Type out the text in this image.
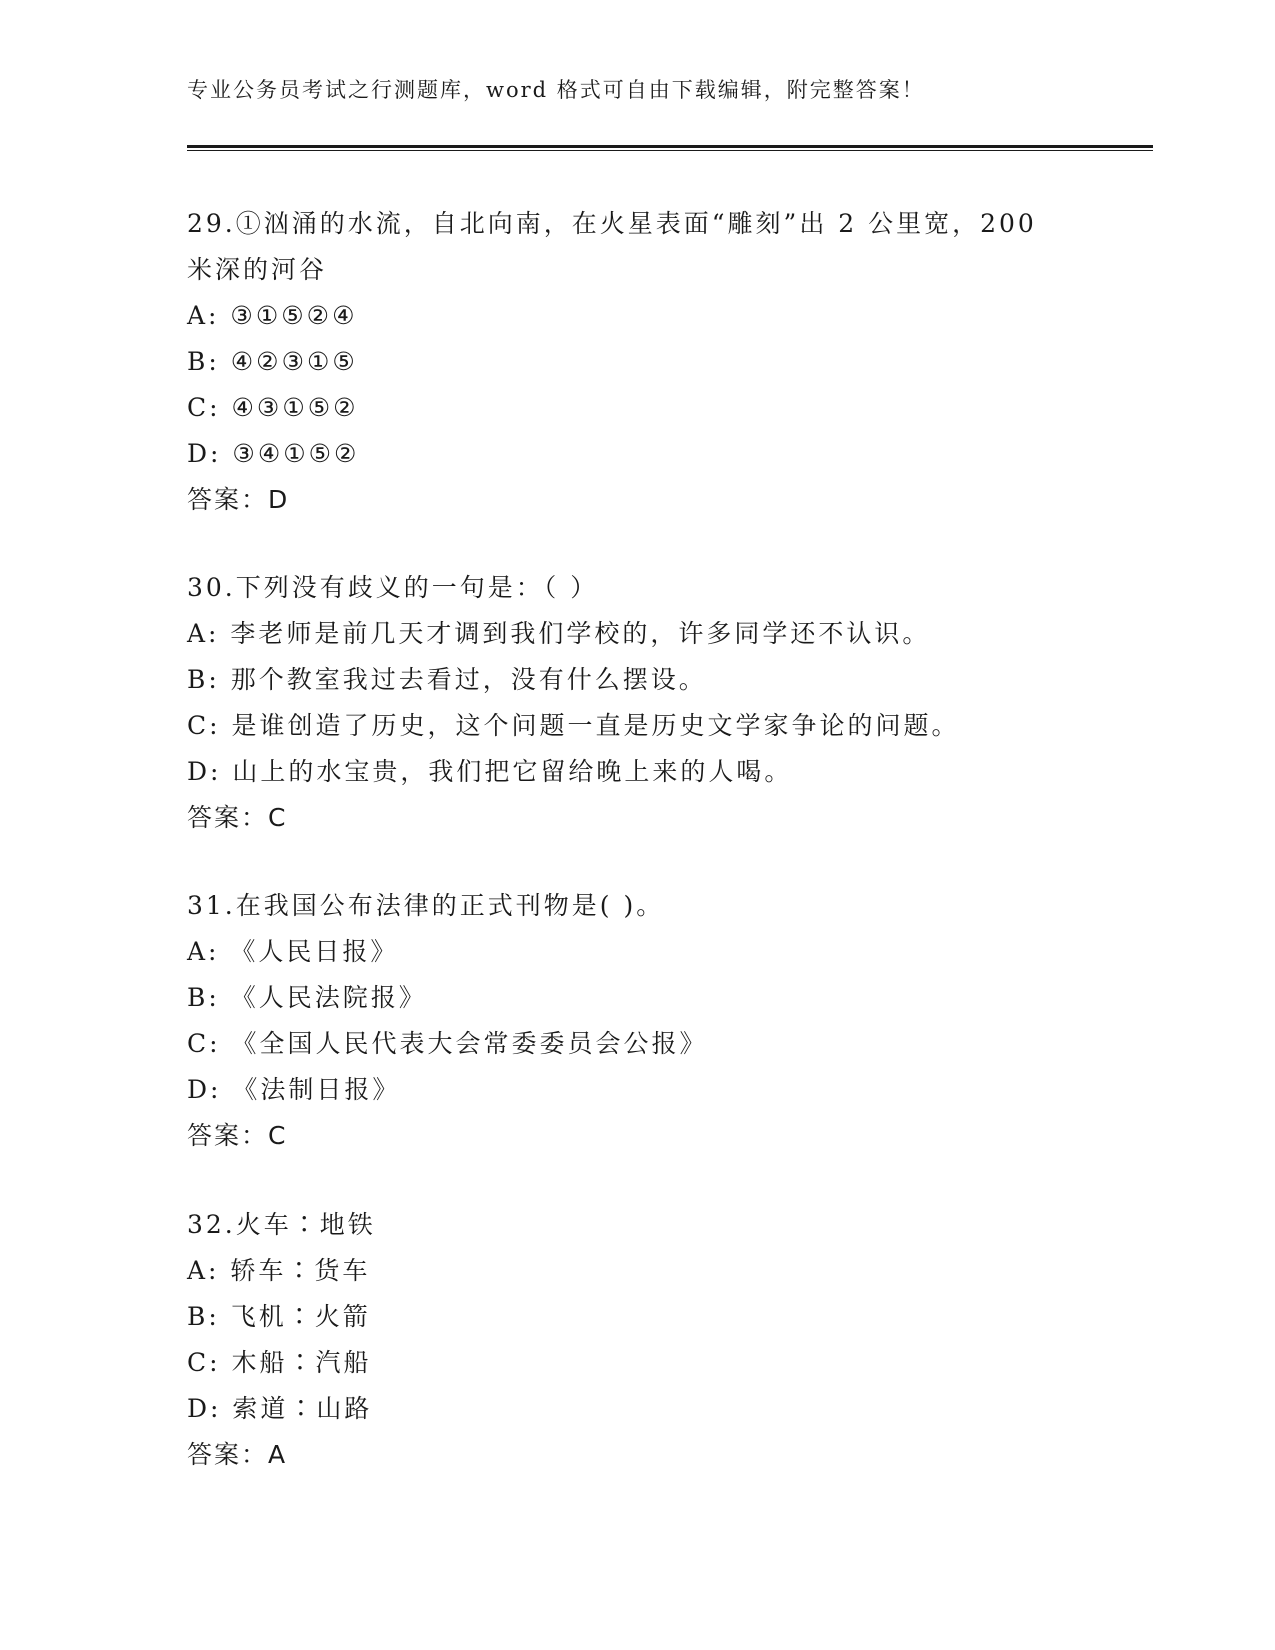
专业公务员考试之行测题库，word 格式可自由下载编辑，附完整答案！
29.①汹涌的水流，自北向南，在火星表面“雕刻”出 2 公里宽，200
米深的河谷
A: ③①⑤②④
B: ④②③①⑤
C: ④③①⑤②
D: ③④①⑤②
答案：D
30.下列没有歧义的一句是：（ ）
A: 李老师是前几天才调到我们学校的，许多同学还不认识。
B: 那个教室我过去看过，没有什么摆设。
C: 是谁创造了历史，这个问题一直是历史文学家争论的问题。
D: 山上的水宝贵，我们把它留给晚上来的人喝。
答案：C
31.在我国公布法律的正式刊物是( )。
A: 《人民日报》
B: 《人民法院报》
C: 《全国人民代表大会常委委员会公报》
D: 《法制日报》
答案：C
32.火车∶地铁
A: 轿车∶货车
B: 飞机∶火箭
C: 木船∶汽船
D: 索道∶山路
答案：A
